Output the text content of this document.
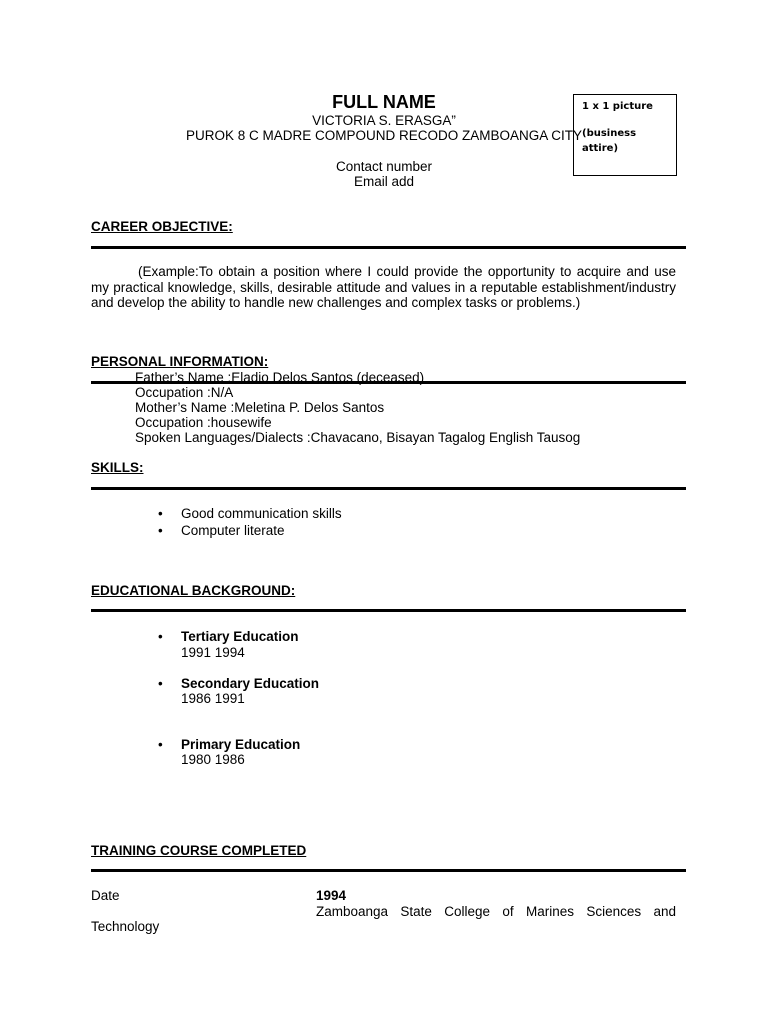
FULL NAME
VICTORIA S. ERASGA”
PUROK 8 C MADRE COMPOUND RECODO ZAMBOANGA CITY
Contact number
Email add
1 x 1 picture
(business
attire)
CAREER OBJECTIVE:
(Example:To obtain a position where I could provide the opportunity to acquire and use my practical knowledge, skills, desirable attitude and values in a reputable establishment/industry and develop the ability to handle new challenges and complex tasks or problems.)
PERSONAL INFORMATION:
Father’s Name :Eladio Delos Santos (deceased)
Occupation :N/A
Mother’s Name :Meletina P. Delos Santos
Occupation :housewife
Spoken Languages/Dialects :Chavacano, Bisayan Tagalog English Tausog
SKILLS:
• Good communication skills
• Computer literate
EDUCATIONAL BACKGROUND:
• Tertiary Education
1991 1994
• Secondary Education
1986 1991
• Primary Education
1980 1986
TRAINING COURSE COMPLETED
Date	1994
Zamboanga State College of Marines Sciences and
Technology
